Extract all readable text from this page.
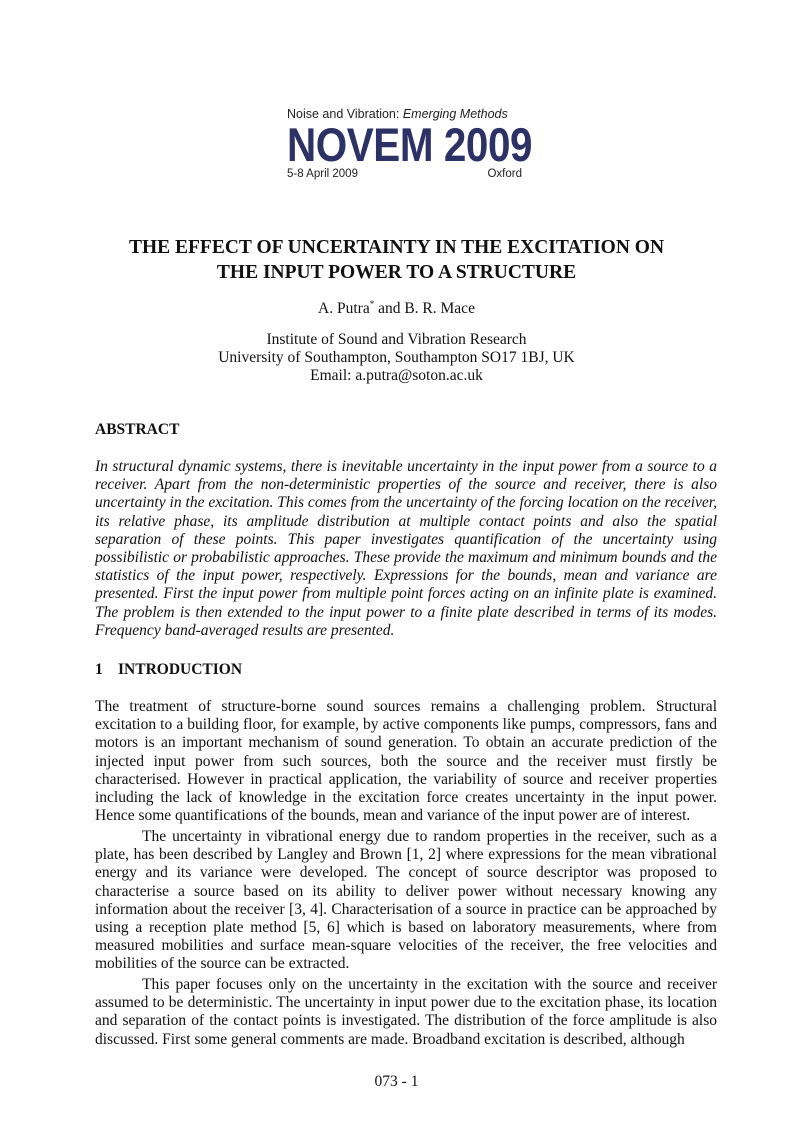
Noise and Vibration: Emerging Methods
NOVEM 2009
5-8 April 2009	Oxford
THE EFFECT OF UNCERTAINTY IN THE EXCITATION ON
THE INPUT POWER TO A STRUCTURE
A. Putra* and B. R. Mace
Institute of Sound and Vibration Research
University of Southampton, Southampton SO17 1BJ, UK
Email: a.putra@soton.ac.uk
ABSTRACT
In structural dynamic systems, there is inevitable uncertainty in the input power from a source to a receiver. Apart from the non-deterministic properties of the source and receiver, there is also uncertainty in the excitation. This comes from the uncertainty of the forcing location on the receiver, its relative phase, its amplitude distribution at multiple contact points and also the spatial separation of these points. This paper investigates quantification of the uncertainty using possibilistic or probabilistic approaches. These provide the maximum and minimum bounds and the statistics of the input power, respectively. Expressions for the bounds, mean and variance are presented. First the input power from multiple point forces acting on an infinite plate is examined. The problem is then extended to the input power to a finite plate described in terms of its modes. Frequency band-averaged results are presented.
1 INTRODUCTION
The treatment of structure-borne sound sources remains a challenging problem. Structural excitation to a building floor, for example, by active components like pumps, compressors, fans and motors is an important mechanism of sound generation. To obtain an accurate prediction of the injected input power from such sources, both the source and the receiver must firstly be characterised. However in practical application, the variability of source and receiver properties including the lack of knowledge in the excitation force creates uncertainty in the input power. Hence some quantifications of the bounds, mean and variance of the input power are of interest.
The uncertainty in vibrational energy due to random properties in the receiver, such as a plate, has been described by Langley and Brown [1, 2] where expressions for the mean vibrational energy and its variance were developed. The concept of source descriptor was proposed to characterise a source based on its ability to deliver power without necessary knowing any information about the receiver [3, 4]. Characterisation of a source in practice can be approached by using a reception plate method [5, 6] which is based on laboratory measurements, where from measured mobilities and surface mean-square velocities of the receiver, the free velocities and mobilities of the source can be extracted.
This paper focuses only on the uncertainty in the excitation with the source and receiver assumed to be deterministic. The uncertainty in input power due to the excitation phase, its location and separation of the contact points is investigated. The distribution of the force amplitude is also discussed. First some general comments are made. Broadband excitation is described, although
073 - 1
